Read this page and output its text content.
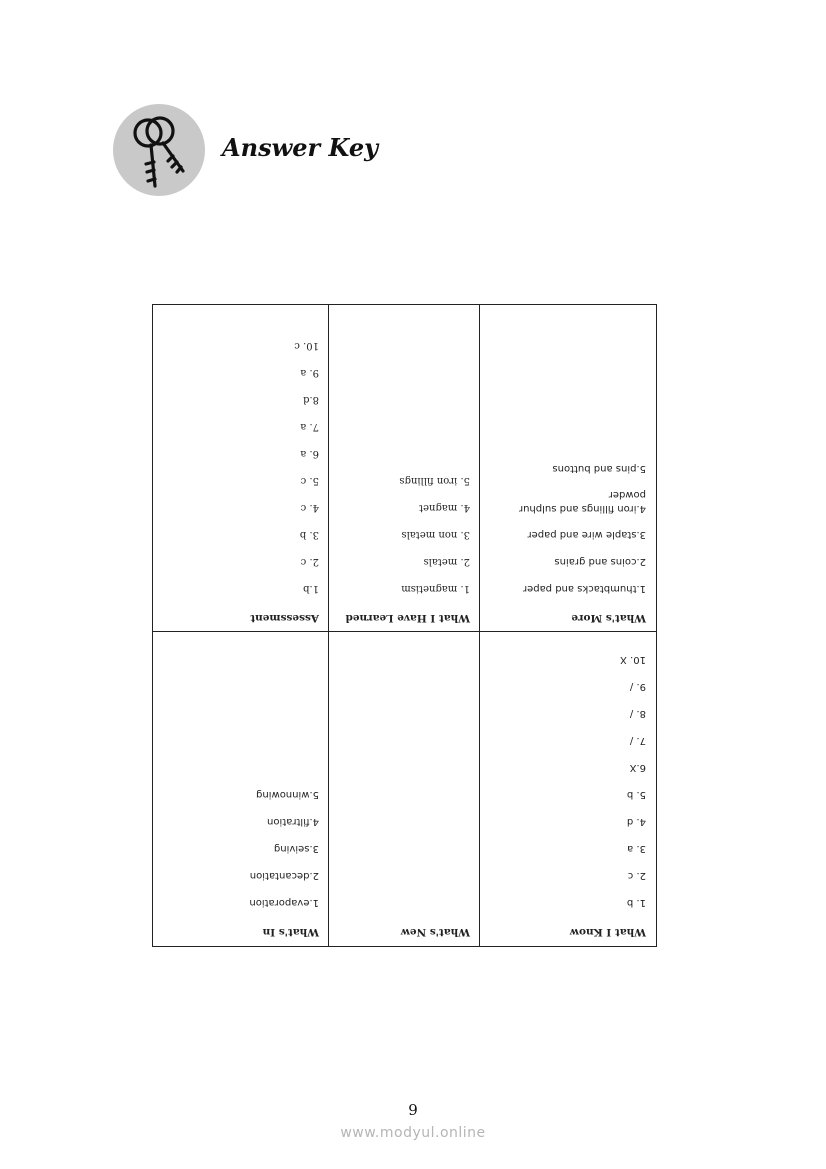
Answer Key
What I Know
1. b
2. c
3. a
4. d
5. b
6.X
7. /
8. /
9. /
10. X
What's New
What's In
1.evaporation
2.decantation
3.seiving
4.filtration
5.winnowing
What's More
1.thumbtacks and paper
2.coins and grains
3.staple wire and paper
4.iron fillings and sulphur powder
5.pins and buttons
What I Have Learned
1. magnetism
2. metals
3. non metals
4. magnet
5. iron fillings
Assessment
1.b
2. c
3. b
4. c
5. c
6. a
7. a
8.d
9. a
10. c
9
www.modyul.online
